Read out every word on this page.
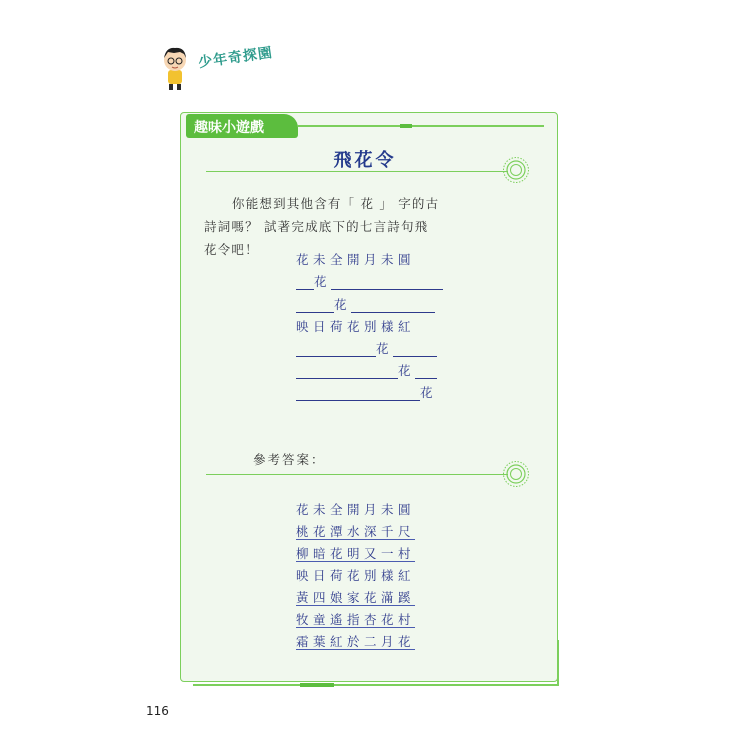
少年奇探園
趣味小遊戲
飛花令
你能想到其他含有「 花 」 字的古
詩詞嗎？ 試著完成底下的七言詩句飛
花令吧！
花未全開月未圓
花
花
映日荷花別樣紅
花
花
花
參考答案：
花未全開月未圓
桃花潭水深千尺
柳暗花明又一村
映日荷花別樣紅
黃四娘家花滿蹊
牧童遙指杏花村
霜葉紅於二月花
116
